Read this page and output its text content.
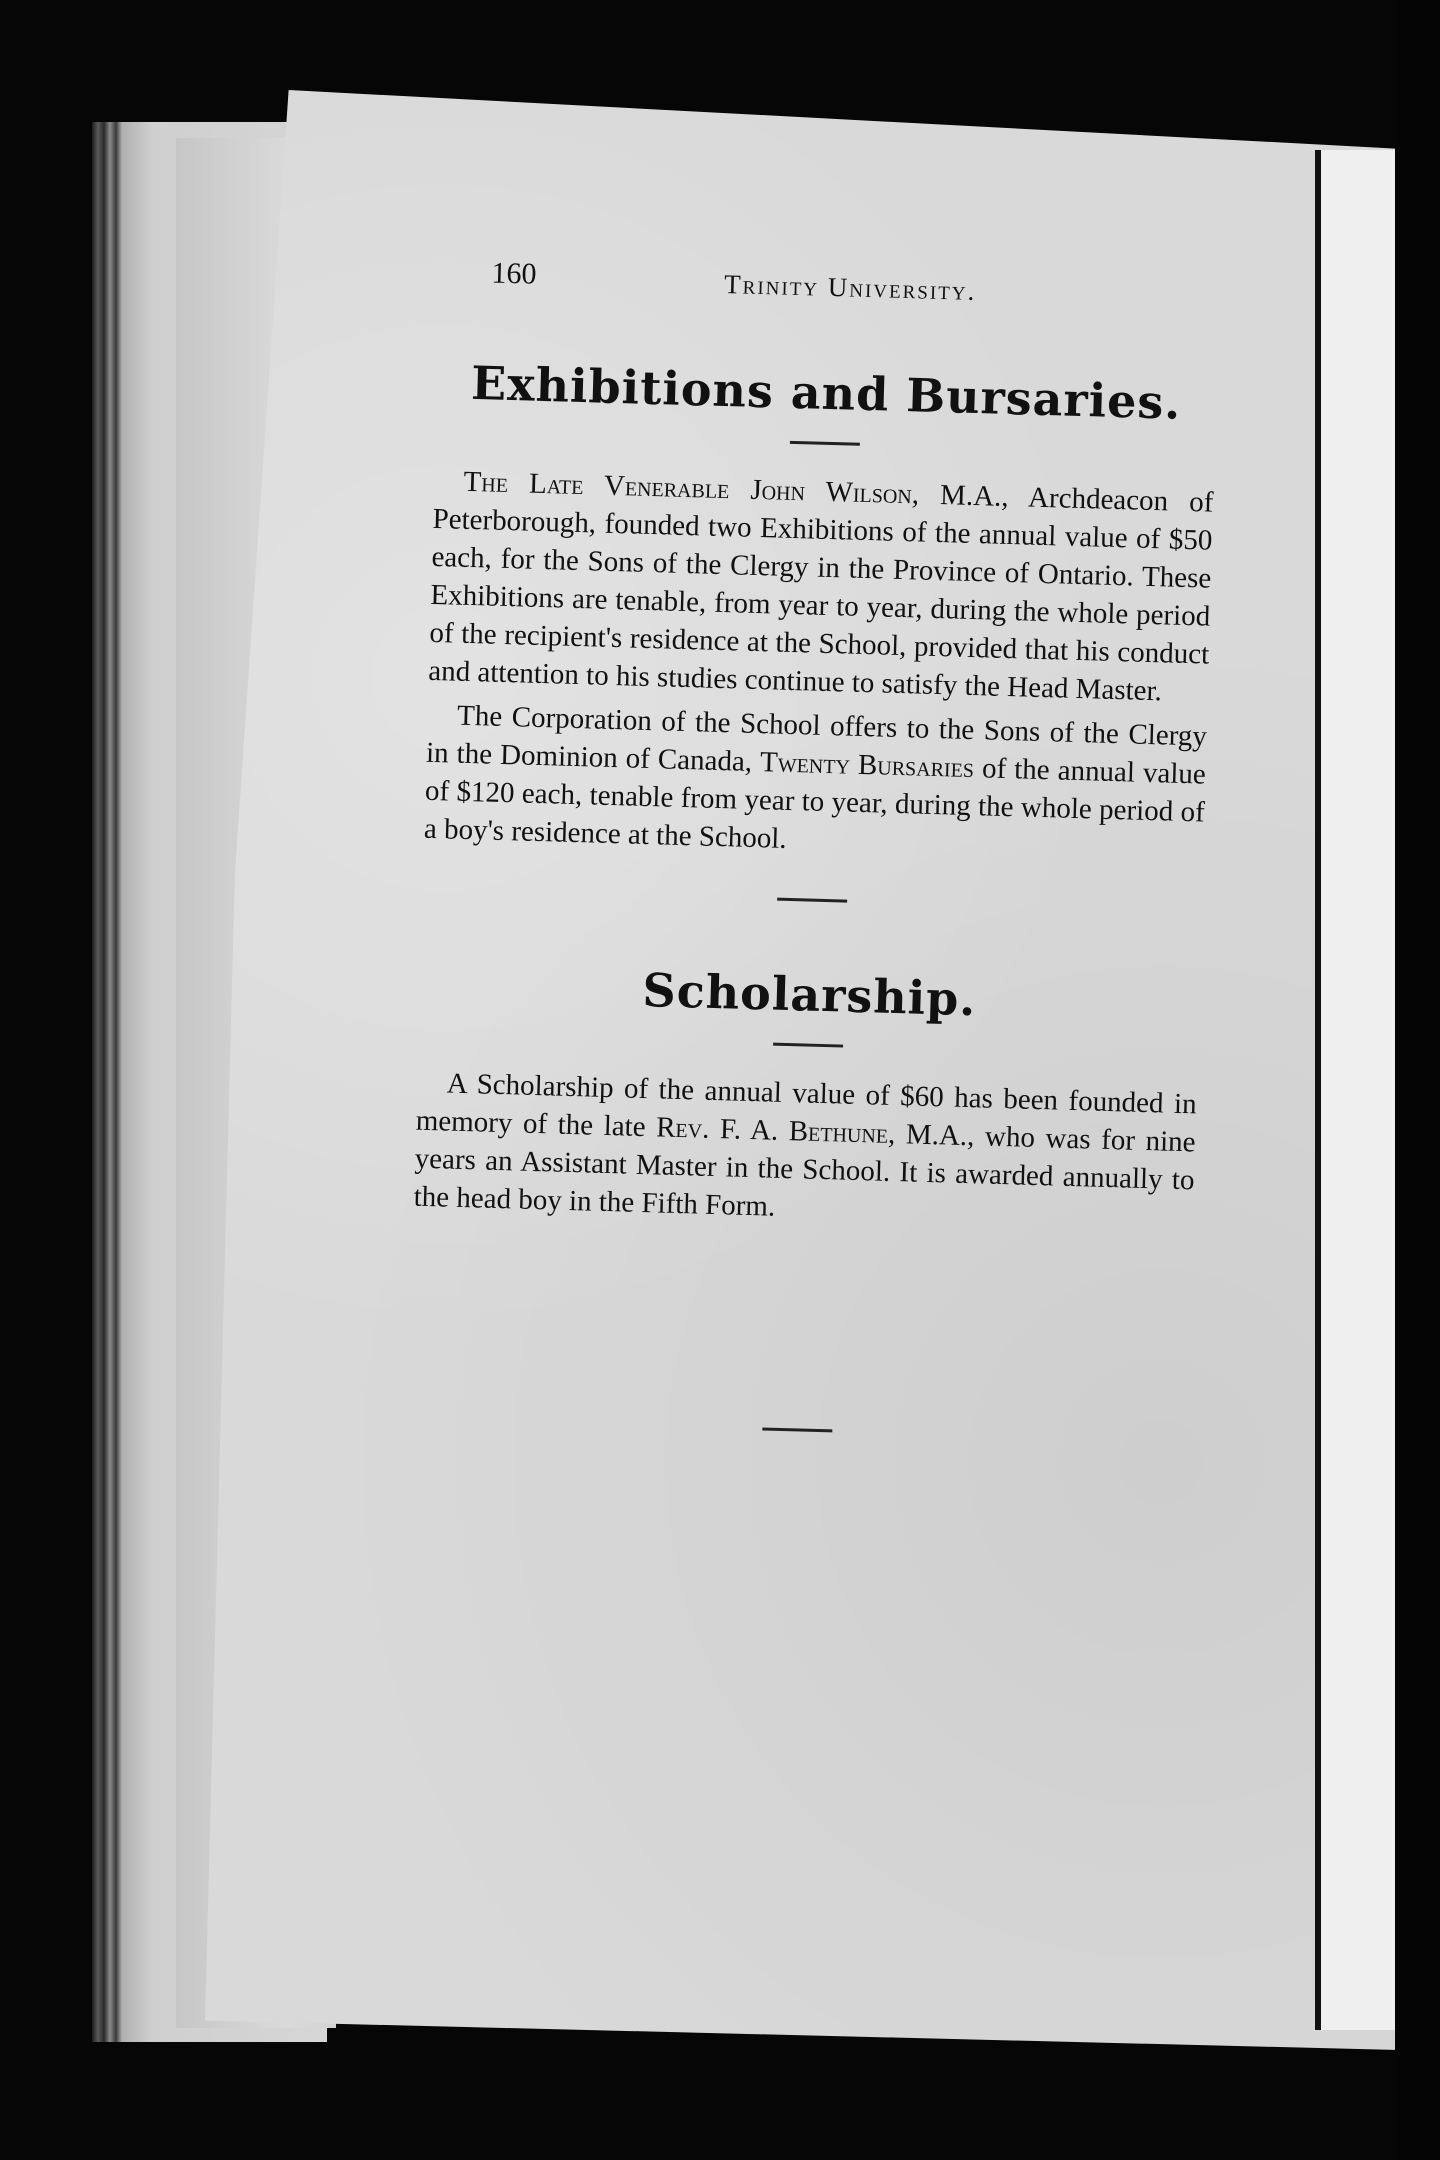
160	Trinity University.
Exhibitions and Bursaries.

The Late Venerable John Wilson, M.A., Archdeacon of Peterborough, founded two Exhibitions of the annual value of $50 each, for the Sons of the Clergy in the Province of Ontario. These Exhibitions are tenable, from year to year, during the whole period of the recipient's residence at the School, provided that his conduct and attention to his studies continue to satisfy the Head Master.

The Corporation of the School offers to the Sons of the Clergy in the Dominion of Canada, Twenty Bursaries of the annual value of $120 each, tenable from year to year, during the whole period of a boy's residence at the School.

Scholarship.

A Scholarship of the annual value of $60 has been founded in memory of the late Rev. F. A. Bethune, M.A., who was for nine years an Assistant Master in the School. It is awarded annually to the head boy in the Fifth Form.
